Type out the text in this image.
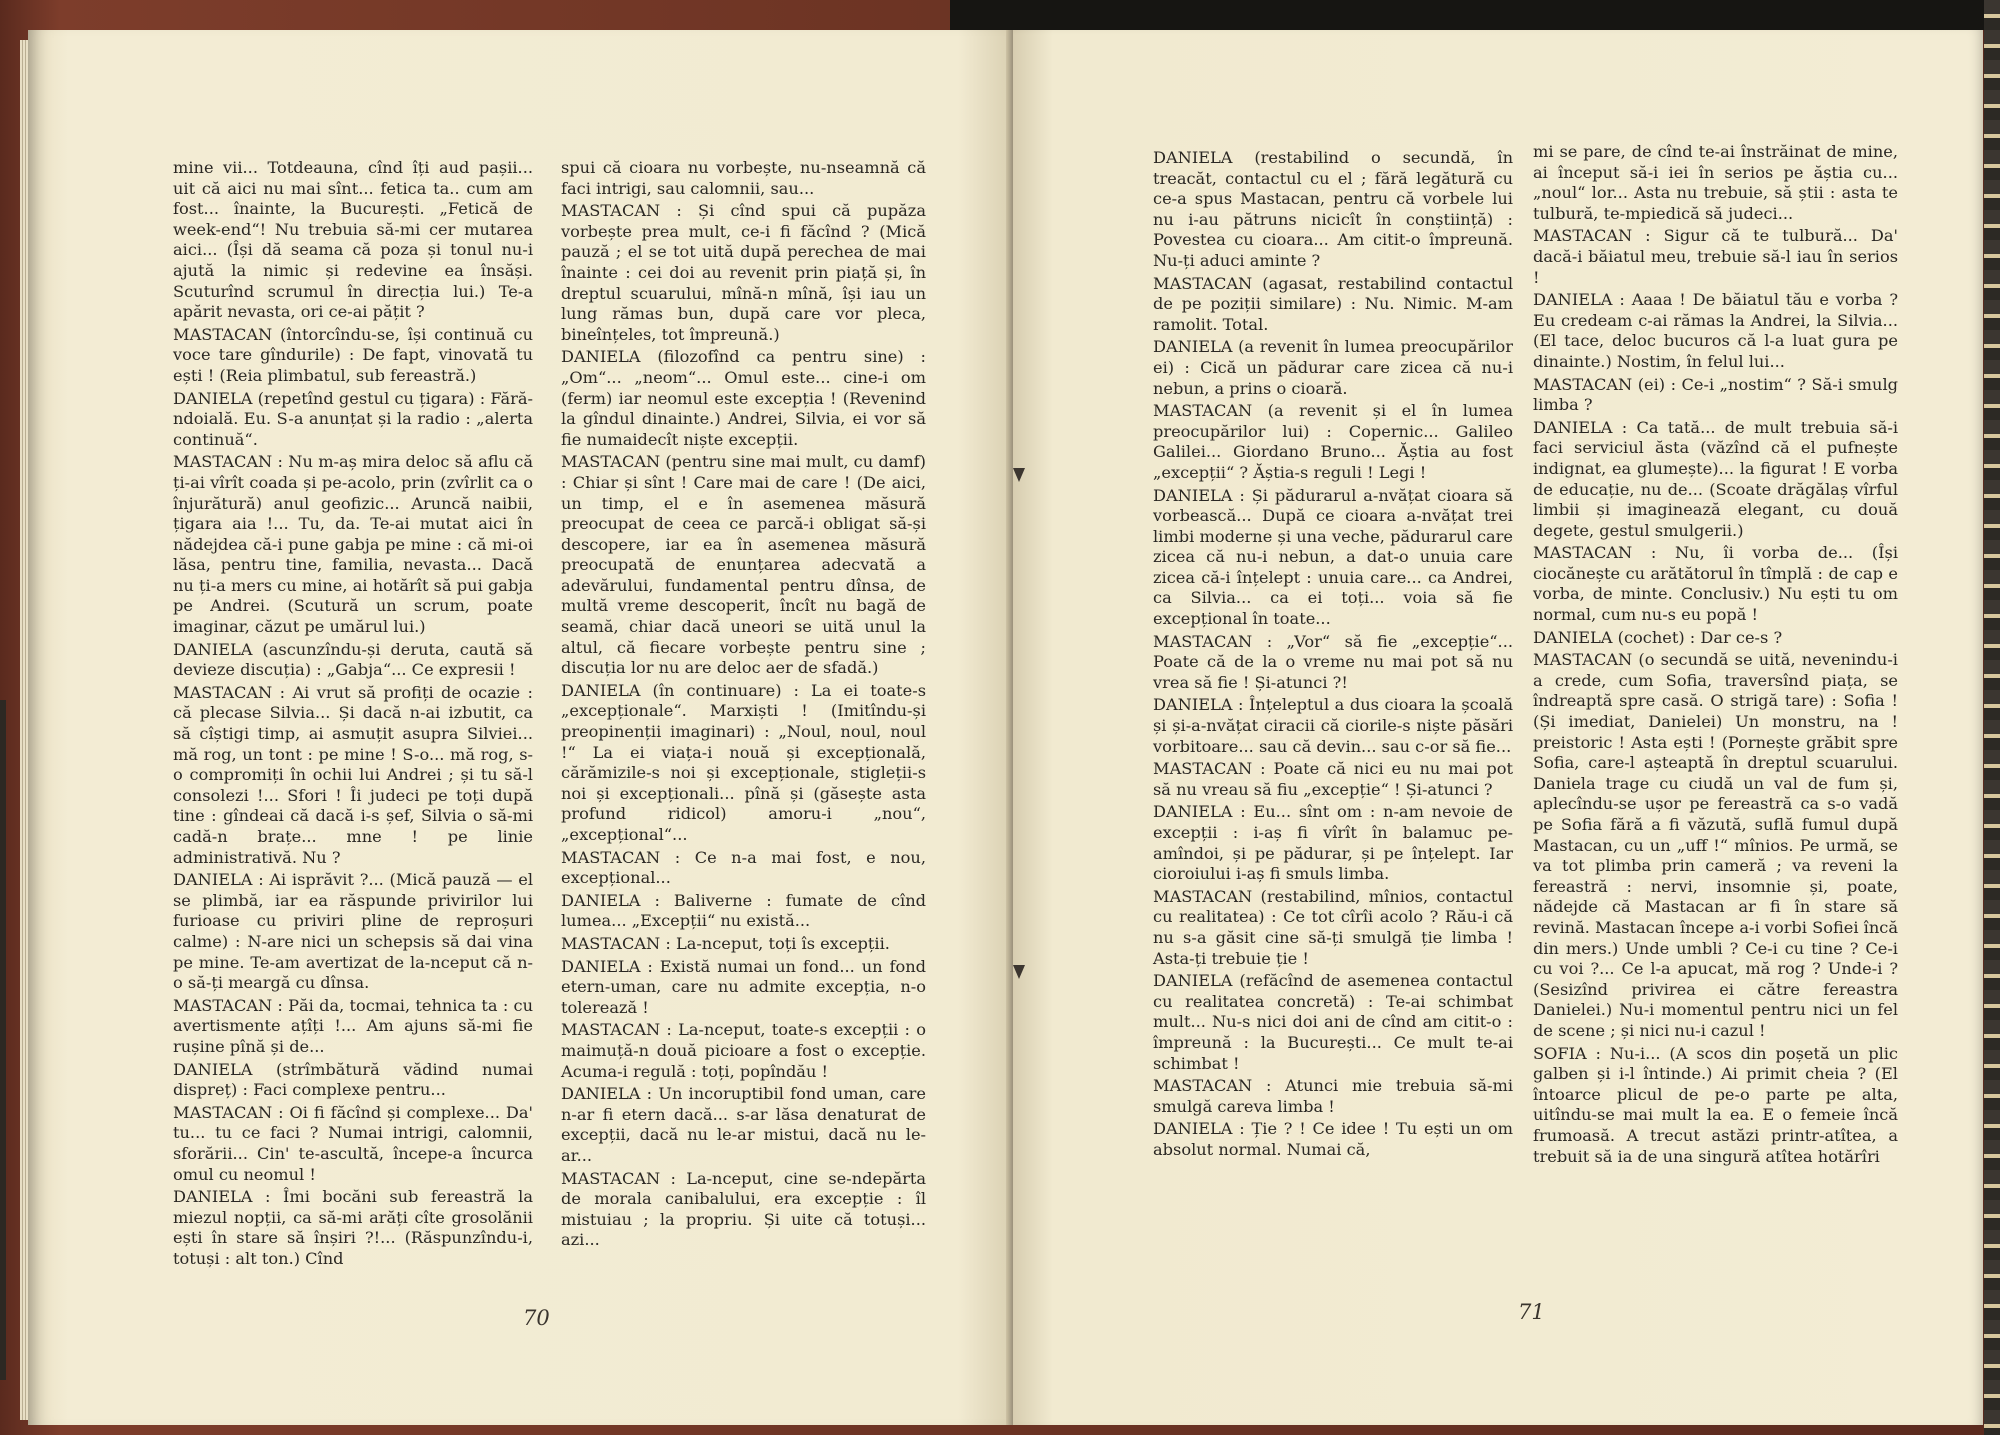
mine vii... Totdeauna, cînd îți aud pașii... uit că aici nu mai sînt... fetica ta.. cum am fost... înainte, la București. „Fetică de week-end“! Nu trebuia să-mi cer mutarea aici... (Își dă seama că poza și tonul nu-i ajută la nimic și redevine ea însăși. Scuturînd scrumul în direcția lui.) Te-a apărit nevasta, ori ce-ai pățit ?

MASTACAN (întorcîndu-se, își continuă cu voce tare gîndurile) : De fapt, vinovată tu ești ! (Reia plimbatul, sub fereastră.)

DANIELA (repetînd gestul cu țigara) : Fără-ndoială. Eu. S-a anunțat și la radio : „alerta continuă“.

MASTACAN : Nu m-aș mira deloc să aflu că ți-ai vîrît coada și pe-acolo, prin (zvîrlit ca o înjurătură) anul geofizic... Aruncă naibii, țigara aia !... Tu, da. Te-ai mutat aici în nădejdea că-i pune gabja pe mine : că mi-oi lăsa, pentru tine, familia, nevasta... Dacă nu ți-a mers cu mine, ai hotărît să pui gabja pe Andrei. (Scutură un scrum, poate imaginar, căzut pe umărul lui.)

DANIELA (ascunzîndu-și deruta, caută să devieze discuția) : „Gabja“... Ce expresii !

MASTACAN : Ai vrut să profiți de ocazie : că plecase Silvia... Și dacă n-ai izbutit, ca să cîștigi timp, ai asmuțit asupra Silviei... mă rog, un tont : pe mine ! S-o... mă rog, s-o compromiți în ochii lui Andrei ; și tu să-l consolezi !... Sfori ! Îi judeci pe toți după tine : gîndeai că dacă i-s șef, Silvia o să-mi cadă-n brațe... mne ! pe linie administrativă. Nu ?

DANIELA : Ai isprăvit ?... (Mică pauză — el se plimbă, iar ea răspunde privirilor lui furioase cu priviri pline de reproșuri calme) : N-are nici un schepsis să dai vina pe mine. Te-am avertizat de la-nceput că n-o să-ți meargă cu dînsa.

MASTACAN : Păi da, tocmai, tehnica ta : cu avertismente ațîți !... Am ajuns să-mi fie rușine pînă și de...

DANIELA (strîmbătură vădind numai dispreț) : Faci complexe pentru...

MASTACAN : Oi fi făcînd și complexe... Da' tu... tu ce faci ? Numai intrigi, calomnii, sforării... Cin' te-ascultă, începe-a încurca omul cu neomul !

DANIELA : Îmi bocăni sub fereastră la miezul nopții, ca să-mi arăți cîte grosolănii ești în stare să înșiri ?!... (Răspunzîndu-i, totuși : alt ton.) Cînd

spui că cioara nu vorbește, nu-nseamnă că faci intrigi, sau calomnii, sau...

MASTACAN : Și cînd spui că pupăza vorbește prea mult, ce-i fi făcînd ? (Mică pauză ; el se tot uită după perechea de mai înainte : cei doi au revenit prin piață și, în dreptul scuarului, mînă-n mînă, își iau un lung rămas bun, după care vor pleca, bineînțeles, tot împreună.)

DANIELA (filozofînd ca pentru sine) : „Om“... „neom“... Omul este... cine-i om (ferm) iar neomul este excepția ! (Revenind la gîndul dinainte.) Andrei, Silvia, ei vor să fie numaidecît niște excepții.

MASTACAN (pentru sine mai mult, cu damf) : Chiar și sînt ! Care mai de care ! (De aici, un timp, el e în asemenea măsură preocupat de ceea ce parcă-i obligat să-și descopere, iar ea în asemenea măsură preocupată de enunțarea adecvată a adevărului, fundamental pentru dînsa, de multă vreme descoperit, încît nu bagă de seamă, chiar dacă uneori se uită unul la altul, că fiecare vorbește pentru sine ; discuția lor nu are deloc aer de sfadă.)

DANIELA (în continuare) : La ei toate-s „excepționale“. Marxiști ! (Imitîndu-și preopinenții imaginari) : „Noul, noul, noul !“ La ei viața-i nouă și excepțională, cărămizile-s noi și excepționale, stigleții-s noi și excepționali... pînă și (găsește asta profund ridicol) amoru-i „nou“, „excepțional“...

MASTACAN : Ce n-a mai fost, e nou, excepțional...

DANIELA : Baliverne : fumate de cînd lumea... „Excepții“ nu există...

MASTACAN : La-nceput, toți îs excepții.

DANIELA : Există numai un fond... un fond etern-uman, care nu admite excepția, n-o tolerează !

MASTACAN : La-nceput, toate-s excepții : o maimuță-n două picioare a fost o excepție. Acuma-i regulă : toți, popîndău !

DANIELA : Un incoruptibil fond uman, care n-ar fi etern dacă... s-ar lăsa denaturat de excepții, dacă nu le-ar mistui, dacă nu le-ar...

MASTACAN : La-nceput, cine se-ndepărta de morala canibalului, era excepție : îl mistuiau ; la propriu. Și uite că totuși... azi...

70

DANIELA (restabilind o secundă, în treacăt, contactul cu el ; fără legătură cu ce-a spus Mastacan, pentru că vorbele lui nu i-au pătruns nicicît în conștiință) : Povestea cu cioara... Am citit-o împreună. Nu-ți aduci aminte ?

MASTACAN (agasat, restabilind contactul de pe poziții similare) : Nu. Nimic. M-am ramolit. Total.

DANIELA (a revenit în lumea preocupărilor ei) : Cică un pădurar care zicea că nu-i nebun, a prins o cioară.

MASTACAN (a revenit și el în lumea preocupărilor lui) : Copernic... Galileo Galilei... Giordano Bruno... Ăștia au fost „excepții“ ? Ăștia-s reguli ! Legi !

DANIELA : Și pădurarul a-nvățat cioara să vorbească... După ce cioara a-nvățat trei limbi moderne și una veche, pădurarul care zicea că nu-i nebun, a dat-o unuia care zicea că-i înțelept : unuia care... ca Andrei, ca Silvia... ca ei toți... voia să fie excepțional în toate...

MASTACAN : „Vor“ să fie „excepție“... Poate că de la o vreme nu mai pot să nu vrea să fie ! Și-atunci ?!

DANIELA : Înțeleptul a dus cioara la școală și și-a-nvățat ciracii că ciorile-s niște păsări vorbitoare... sau că devin... sau c-or să fie...

MASTACAN : Poate că nici eu nu mai pot să nu vreau să fiu „excepție“ ! Și-atunci ?

DANIELA : Eu... sînt om : n-am nevoie de excepții : i-aș fi vîrît în balamuc pe-amîndoi, și pe pădurar, și pe înțelept. Iar cioroiului i-aș fi smuls limba.

MASTACAN (restabilind, mînios, contactul cu realitatea) : Ce tot cîrîi acolo ? Rău-i că nu s-a găsit cine să-ți smulgă ție limba ! Asta-ți trebuie ție !

DANIELA (refăcînd de asemenea contactul cu realitatea concretă) : Te-ai schimbat mult... Nu-s nici doi ani de cînd am citit-o : împreună : la București... Ce mult te-ai schimbat !

MASTACAN : Atunci mie trebuia să-mi smulgă careva limba !

DANIELA : Ție ? ! Ce idee ! Tu ești un om absolut normal. Numai că,

mi se pare, de cînd te-ai înstrăinat de mine, ai început să-i iei în serios pe ăștia cu... „noul“ lor... Asta nu trebuie, să știi : asta te tulbură, te-mpiedică să judeci...

MASTACAN : Sigur că te tulbură... Da' dacă-i băiatul meu, trebuie să-l iau în serios !

DANIELA : Aaaa ! De băiatul tău e vorba ? Eu credeam c-ai rămas la Andrei, la Silvia... (El tace, deloc bucuros că l-a luat gura pe dinainte.) Nostim, în felul lui...

MASTACAN (ei) : Ce-i „nostim“ ? Să-i smulg limba ?

DANIELA : Ca tată... de mult trebuia să-i faci serviciul ăsta (văzînd că el pufnește indignat, ea glumește)... la figurat ! E vorba de educație, nu de... (Scoate drăgălaș vîrful limbii și imaginează elegant, cu două degete, gestul smulgerii.)

MASTACAN : Nu, îi vorba de... (Își ciocănește cu arătătorul în tîmplă : de cap e vorba, de minte. Conclusiv.) Nu ești tu om normal, cum nu-s eu popă !

DANIELA (cochet) : Dar ce-s ?

MASTACAN (o secundă se uită, nevenindu-i a crede, cum Sofia, traversînd piața, se îndreaptă spre casă. O strigă tare) : Sofia ! (Și imediat, Danielei) Un monstru, na ! preistoric ! Asta ești ! (Pornește grăbit spre Sofia, care-l așteaptă în dreptul scuarului. Daniela trage cu ciudă un val de fum și, aplecîndu-se ușor pe fereastră ca s-o vadă pe Sofia fără a fi văzută, suflă fumul după Mastacan, cu un „uff !“ mînios. Pe urmă, se va tot plimba prin cameră ; va reveni la fereastră : nervi, insomnie și, poate, nădejde că Mastacan ar fi în stare să revină. Mastacan începe a-i vorbi Sofiei încă din mers.) Unde umbli ? Ce-i cu tine ? Ce-i cu voi ?... Ce l-a apucat, mă rog ? Unde-i ? (Sesizînd privirea ei către fereastra Danielei.) Nu-i momentul pentru nici un fel de scene ; și nici nu-i cazul !

SOFIA : Nu-i... (A scos din poșetă un plic galben și i-l întinde.) Ai primit cheia ? (El întoarce plicul de pe-o parte pe alta, uitîndu-se mai mult la ea. E o femeie încă frumoasă. A trecut astăzi printr-atîtea, a trebuit să ia de una singură atîtea hotărîri

71
